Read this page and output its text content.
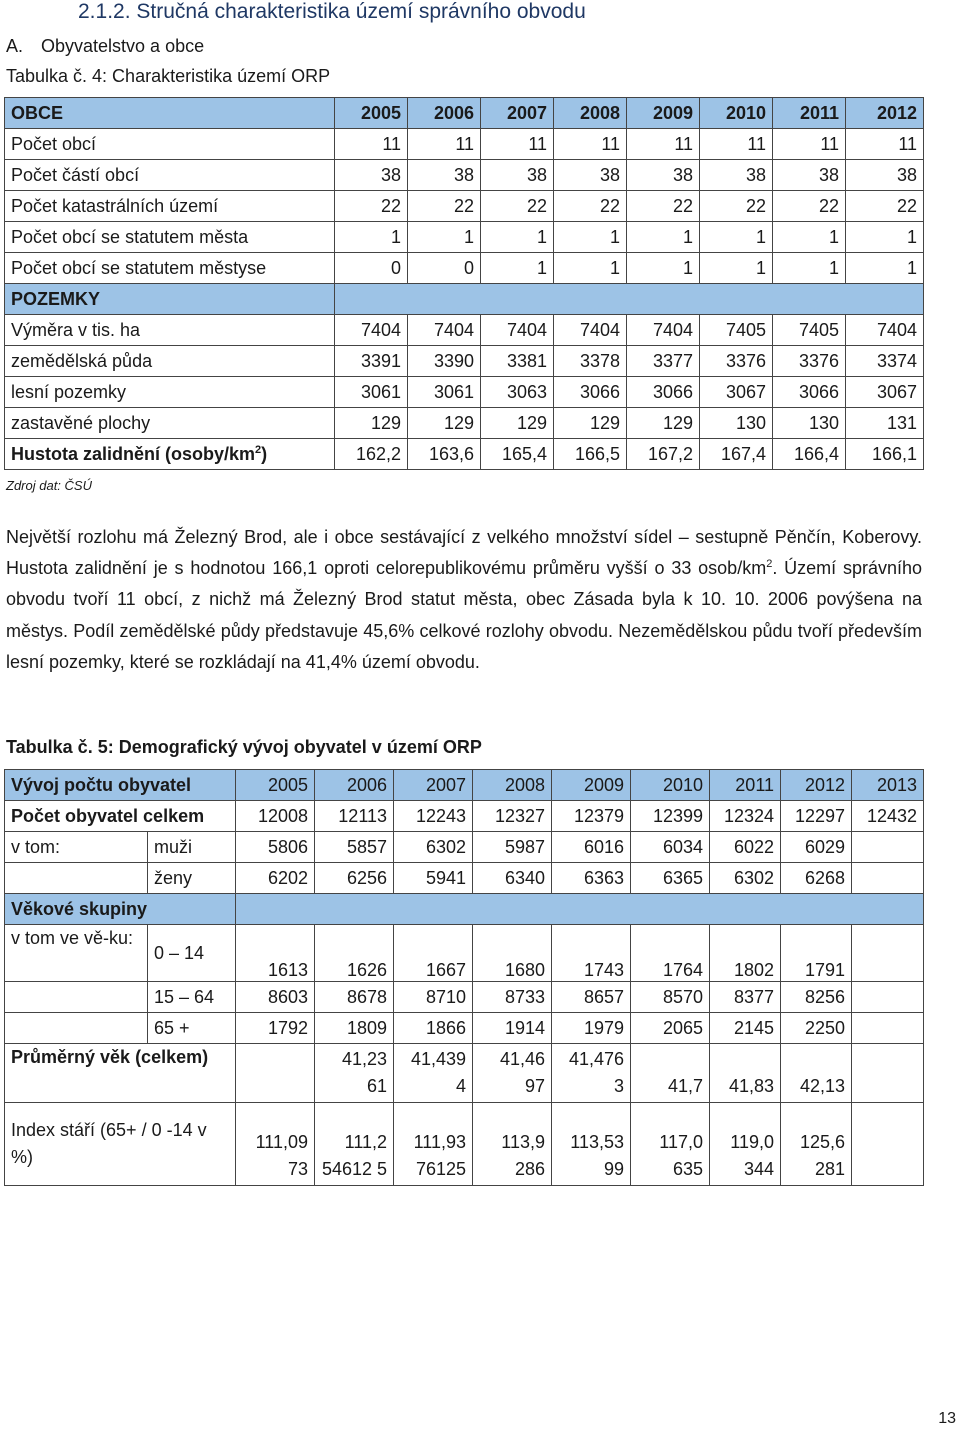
2.1.2. Stručná charakteristika území správního obvodu
A. Obyvatelstvo a obce
Tabulka č. 4: Charakteristika území ORP
OBCE	2005	2006	2007	2008	2009	2010	2011	2012
Počet obcí	11	11	11	11	11	11	11	11
Počet částí obcí	38	38	38	38	38	38	38	38
Počet katastrálních území	22	22	22	22	22	22	22	22
Počet obcí se statutem města	1	1	1	1	1	1	1	1
Počet obcí se statutem městyse	0	0	1	1	1	1	1	1
POZEMKY								
Výměra v tis. ha	7404	7404	7404	7404	7404	7405	7405	7404
zemědělská půda	3391	3390	3381	3378	3377	3376	3376	3374
lesní pozemky	3061	3061	3063	3066	3066	3067	3066	3067
zastavěné plochy	129	129	129	129	129	130	130	131
Hustota zalidnění $(osoby/km^2)$	162,2	163,6	165,4	166,5	167,2	167,4	166,4	166,1
Zdroj dat: ČSÚ
Největší rozlohu má Železný Brod, ale i obce sestávající z velkého množství sídel – sestupně Pěnčín, Koberovy. Hustota zalidnění je s hodnotou 166,1 oproti celorepublikovému průměru vyšší o 33 osob/$km^2$. Území správního obvodu tvoří 11 obcí, z nichž má Železný Brod statut města, obec Zásada byla k 10. 10. 2006 povýšena na městys. Podíl zemědělské půdy představuje 45,6% celkové rozlohy obvodu. Nezemědělskou půdu tvoří především lesní pozemky, které se rozkládají na 41,4% území obvodu.
Tabulka č. 5: Demografický vývoj obyvatel v území ORP
Vývoj počtu obyvatel		2005	2006	2007	2008	2009	2010	2011	2012	2013
Počet obyvatel celkem		12008	12113	12243	12327	12379	12399	12324	12297	12432
v tom:	muži	5806	5857	6302	5987	6016	6034	6022	6029	
	ženy	6202	6256	5941	6340	6363	6365	6302	6268	
Věkové skupiny										
v tom ve vě-ku:	0 – 14	1613	1626	1667	1680	1743	1764	1802	1791	
	15 – 64	8603	8678	8710	8733	8657	8570	8377	8256	
	65 +	1792	1809	1866	1914	1979	2065	2145	2250	
Průměrný věk (celkem)			41,23 61	41,439 4	41,46 97	41,476 3	41,7	41,83	42,13	
Index stáří (65+ / 0 -14 v %)		111,09 73	111,2 54612 5	111,93 76125	113,9 286	113,53 99	117,0 635	119,0 344	125,6 281	
13
